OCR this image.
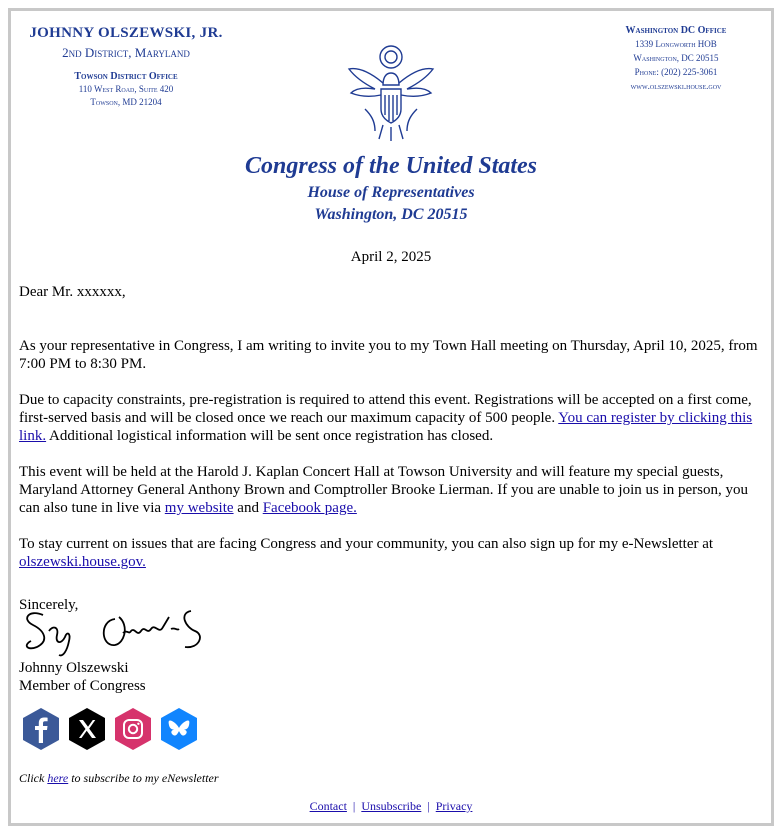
JOHNNY OLSZEWSKI, JR.
2nd District, Maryland
Towson District Office
110 West Road, Suite 420
Towson, MD 21204
Washington DC Office
1339 Longworth HOB
Washington, DC 20515
Phone: (202) 225-3061
www.olszewski.house.gov
Congress of the United States
House of Representatives
Washington, DC 20515
April 2, 2025

Dear Mr. xxxxxx,

As your representative in Congress, I am writing to invite you to my Town Hall meeting on Thursday, April 10, 2025, from 7:00 PM to 8:30 PM.

Due to capacity constraints, pre-registration is required to attend this event. Registrations will be accepted on a first come, first-served basis and will be closed once we reach our maximum capacity of 500 people. You can register by clicking this link. Additional logistical information will be sent once registration has closed.

This event will be held at the Harold J. Kaplan Concert Hall at Towson University and will feature my special guests, Maryland Attorney General Anthony Brown and Comptroller Brooke Lierman. If you are unable to join us in person, you can also tune in live via my website and Facebook page.

To stay current on issues that are facing Congress and your community, you can also sign up for my e-Newsletter at olszewski.house.gov.

Sincerely,
Johnny Olszewski
Member of Congress
Click here to subscribe to my eNewsletter
Contact | Unsubscribe | Privacy
